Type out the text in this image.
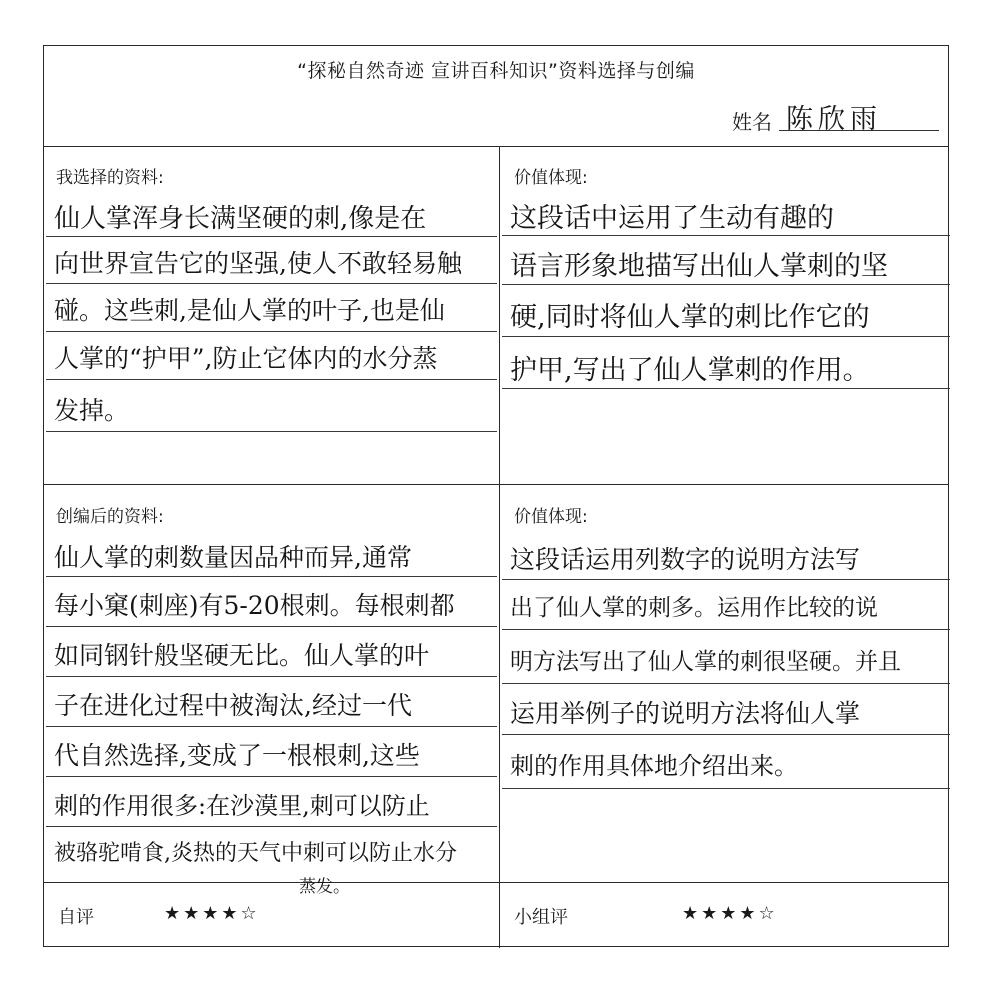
“探秘自然奇迹 宣讲百科知识”资料选择与创编
姓名 陈欣雨
我选择的资料:
仙人掌浑身长满坚硬的刺,像是在
向世界宣告它的坚强,使人不敢轻易触
碰。这些刺,是仙人掌的叶子,也是仙
人掌的“护甲”,防止它体内的水分蒸
发掉。
价值体现:
这段话中运用了生动有趣的
语言形象地描写出仙人掌刺的坚
硬,同时将仙人掌的刺比作它的
护甲,写出了仙人掌刺的作用。
创编后的资料:
仙人掌的刺数量因品种而异,通常
每小窠(刺座)有5-20根刺。每根刺都
如同钢针般坚硬无比。仙人掌的叶
子在进化过程中被淘汰,经过一代
代自然选择,变成了一根根刺,这些
刺的作用很多:在沙漠里,刺可以防止
被骆驼啃食,炎热的天气中刺可以防止水分
蒸发。
价值体现:
这段话运用列数字的说明方法写
出了仙人掌的刺多。运用作比较的说
明方法写出了仙人掌的刺很坚硬。并且
运用举例子的说明方法将仙人掌
刺的作用具体地介绍出来。
自评	★★★★☆	小组评	★★★★☆
